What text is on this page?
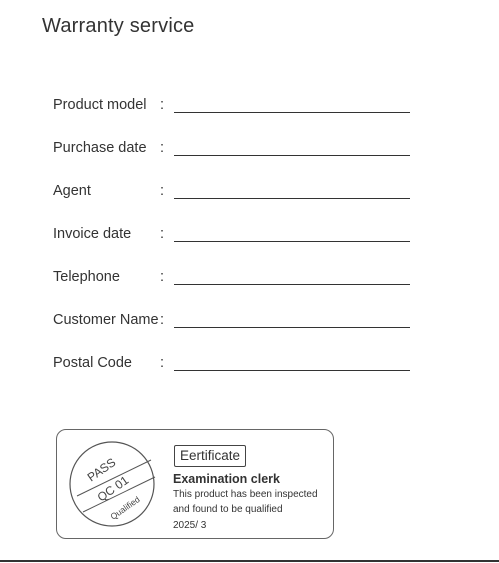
Warranty service
Product model :
Purchase date :
Agent	:
Invoice date :
Telephone	:
Customer Name :
Postal Code :
PASS
QC 01
Qualified
Eertificate
Examination clerk
This product has been inspected
and found to be qualified
2025/ 3
